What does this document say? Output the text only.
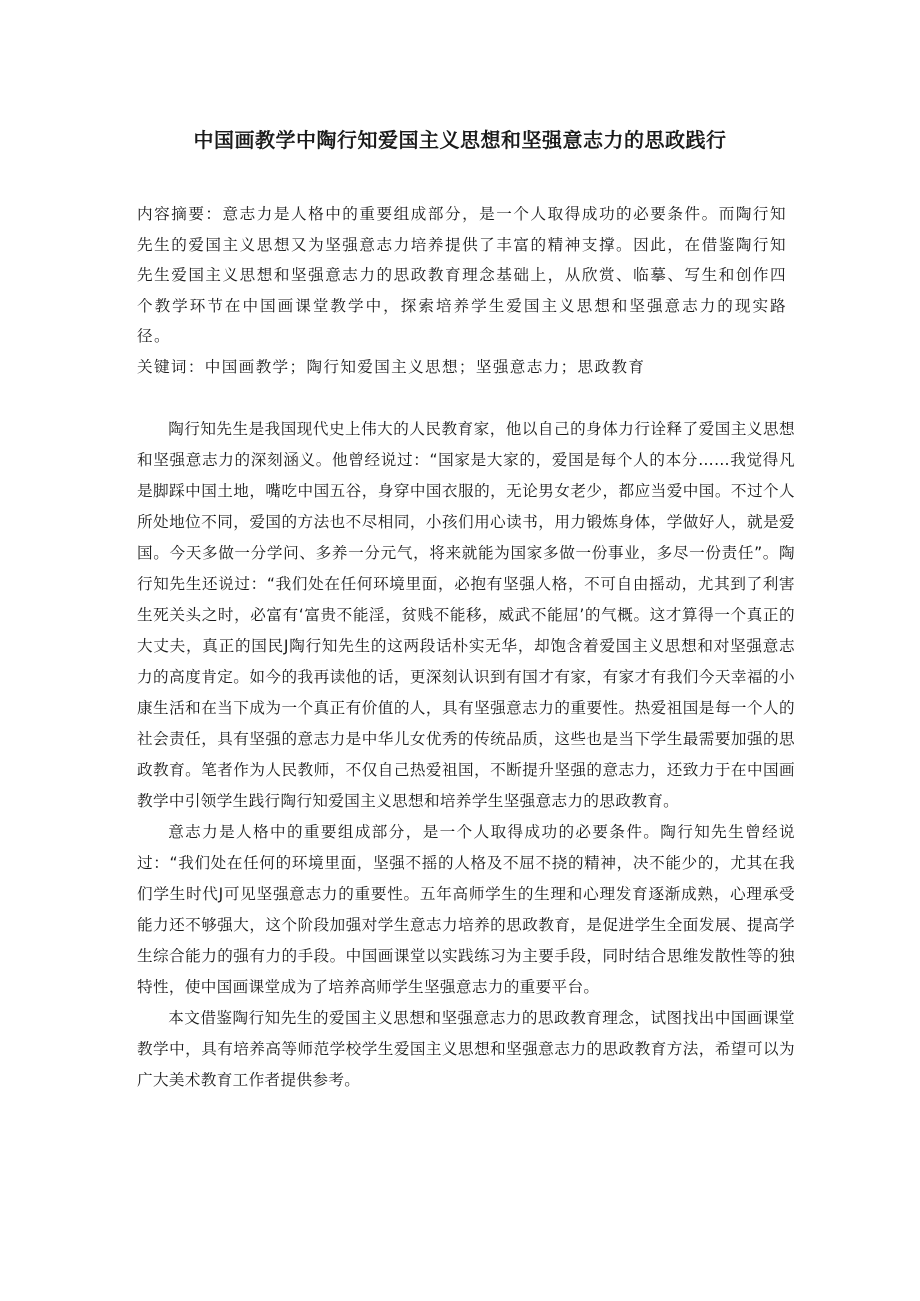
中国画教学中陶行知爱国主义思想和坚强意志力的思政践行

内容摘要：意志力是人格中的重要组成部分，是一个人取得成功的必要条件。而陶行知先生的爱国主义思想又为坚强意志力培养提供了丰富的精神支撑。因此，在借鉴陶行知先生爱国主义思想和坚强意志力的思政教育理念基础上，从欣赏、临摹、写生和创作四个教学环节在中国画课堂教学中，探索培养学生爱国主义思想和坚强意志力的现实路径。

关键词：中国画教学；陶行知爱国主义思想；坚强意志力；思政教育

陶行知先生是我国现代史上伟大的人民教育家，他以自己的身体力行诠释了爱国主义思想和坚强意志力的深刻涵义。他曾经说过：“国家是大家的，爱国是每个人的本分……我觉得凡是脚踩中国土地，嘴吃中国五谷，身穿中国衣服的，无论男女老少，都应当爱中国。不过个人所处地位不同，爱国的方法也不尽相同，小孩们用心读书，用力锻炼身体，学做好人，就是爱国。今天多做一分学问、多养一分元气，将来就能为国家多做一份事业，多尽一份责任”。陶行知先生还说过：“我们处在任何环境里面，必抱有坚强人格，不可自由摇动，尤其到了利害生死关头之时，必富有‘富贵不能淫，贫贱不能移，威武不能屈’的气概。这才算得一个真正的大丈夫，真正的国民J陶行知先生的这两段话朴实无华，却饱含着爱国主义思想和对坚强意志力的高度肯定。如今的我再读他的话，更深刻认识到有国才有家，有家才有我们今天幸福的小康生活和在当下成为一个真正有价值的人，具有坚强意志力的重要性。热爱祖国是每一个人的社会责任，具有坚强的意志力是中华儿女优秀的传统品质，这些也是当下学生最需要加强的思政教育。笔者作为人民教师，不仅自己热爱祖国，不断提升坚强的意志力，还致力于在中国画教学中引领学生践行陶行知爱国主义思想和培养学生坚强意志力的思政教育。

意志力是人格中的重要组成部分，是一个人取得成功的必要条件。陶行知先生曾经说过：“我们处在任何的环境里面，坚强不摇的人格及不屈不挠的精神，决不能少的，尤其在我们学生时代J可见坚强意志力的重要性。五年高师学生的生理和心理发育逐渐成熟，心理承受能力还不够强大，这个阶段加强对学生意志力培养的思政教育，是促进学生全面发展、提高学生综合能力的强有力的手段。中国画课堂以实践练习为主要手段，同时结合思维发散性等的独特性，使中国画课堂成为了培养高师学生坚强意志力的重要平台。

本文借鉴陶行知先生的爱国主义思想和坚强意志力的思政教育理念，试图找出中国画课堂教学中，具有培养高等师范学校学生爱国主义思想和坚强意志力的思政教育方法，希望可以为广大美术教育工作者提供参考。
